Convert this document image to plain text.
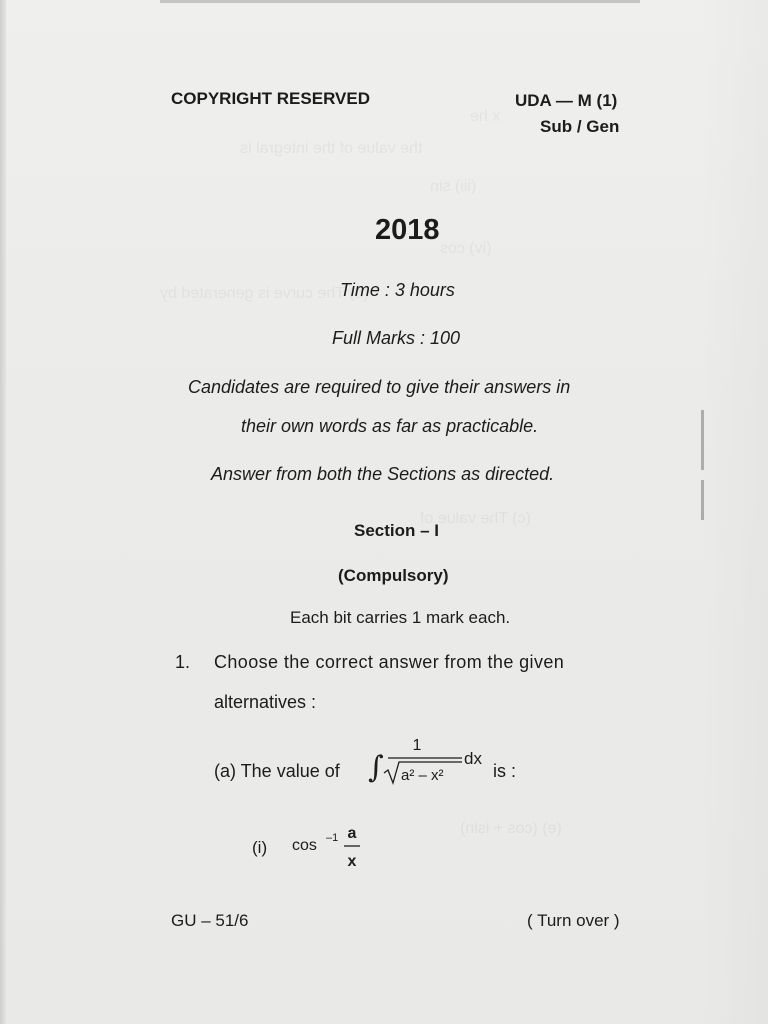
COPYRIGHT RESERVED	UDA — M (1)
Sub / Gen
2018
Time : 3 hours
Full Marks : 100
Candidates are required to give their answers in
their own words as far as practicable.
Answer from both the Sections as directed.
Section – I
(Compulsory)
Each bit carries 1 mark each.
1. Choose the correct answer from the given
alternatives :
(a) The value of ∫
1
a² – x²
dx
is :
(i) cos –1 a
x
GU – 51/6	( Turn over )
